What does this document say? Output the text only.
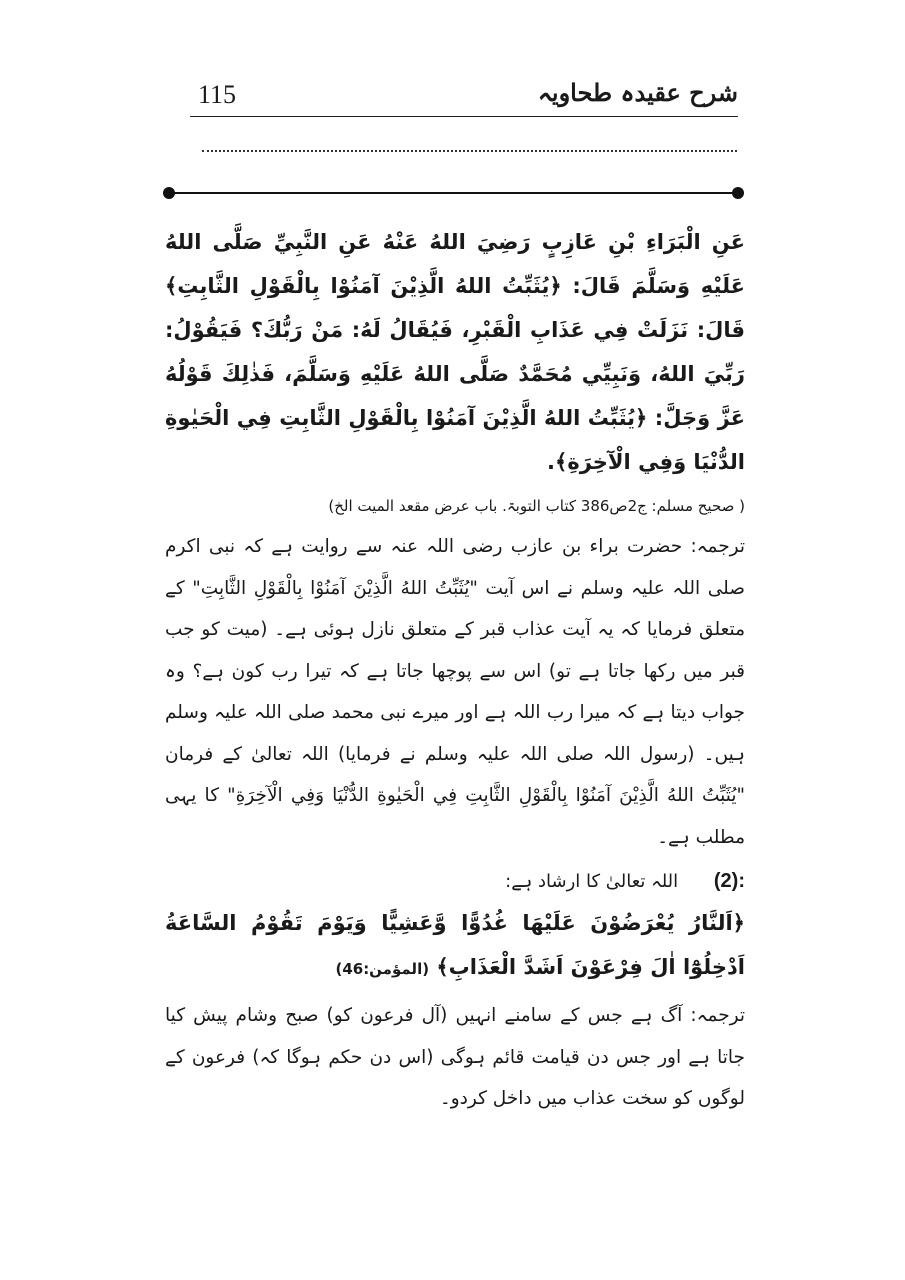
115	شرح عقیدہ طحاویہ

عَنِ الْبَرَاءِ بْنِ عَازِبٍ رَضِيَ اللهُ عَنْهُ عَنِ النَّبِيِّ صَلَّى اللهُ عَلَيْهِ وَسَلَّمَ قَالَ: ﴿يُثَبِّتُ اللهُ الَّذِيْنَ آمَنُوْا بِالْقَوْلِ الثَّابِتِ﴾ قَالَ: نَزَلَتْ فِي عَذَابِ الْقَبْرِ، فَيُقَالُ لَهُ: مَنْ رَبُّكَ؟ فَيَقُوْلُ: رَبِّيَ اللهُ، وَنَبِيِّي مُحَمَّدٌ صَلَّى اللهُ عَلَيْهِ وَسَلَّمَ، فَذٰلِكَ قَوْلُهُ عَزَّ وَجَلَّ: ﴿يُثَبِّتُ اللهُ الَّذِيْنَ آمَنُوْا بِالْقَوْلِ الثَّابِتِ فِي الْحَيٰوةِ الدُّنْيَا وَفِي الْآخِرَةِ﴾.

( صحیح مسلم: ج2ص386 کتاب التوبۃ. باب عرض مقعد المیت الخ)

ترجمہ: حضرت براء بن عازب رضی اللہ عنہ سے روایت ہے کہ نبی اکرم صلی اللہ علیہ وسلم نے اس آیت "يُثَبِّتُ اللهُ الَّذِيْنَ آمَنُوْا بِالْقَوْلِ الثَّابِتِ" کے متعلق فرمایا کہ یہ آیت عذاب قبر کے متعلق نازل ہوئی ہے۔ (میت کو جب قبر میں رکھا جاتا ہے تو) اس سے پوچھا جاتا ہے کہ تیرا رب کون ہے؟ وہ جواب دیتا ہے کہ میرا رب اللہ ہے اور میرے نبی محمد صلی اللہ علیہ وسلم ہیں۔ (رسول اللہ صلی اللہ علیہ وسلم نے فرمایا) اللہ تعالیٰ کے فرمان "يُثَبِّتُ اللهُ الَّذِيْنَ آمَنُوْا بِالْقَوْلِ الثَّابِتِ فِي الْحَيٰوةِ الدُّنْيَا وَفِي الْآخِرَةِ" کا یہی مطلب ہے۔

(2): اللہ تعالیٰ کا ارشاد ہے:

﴿اَلنَّارُ يُعْرَضُوْنَ عَلَيْهَا غُدُوًّا وَّعَشِيًّا وَيَوْمَ تَقُوْمُ السَّاعَةُ اَدْخِلُوْٓا اٰلَ فِرْعَوْنَ اَشَدَّ الْعَذَابِ﴾ (المؤمن:46)

ترجمہ: آگ ہے جس کے سامنے انہیں (آل فرعون کو) صبح وشام پیش کیا جاتا ہے اور جس دن قیامت قائم ہوگی (اس دن حکم ہوگا کہ) فرعون کے لوگوں کو سخت عذاب میں داخل کردو۔
